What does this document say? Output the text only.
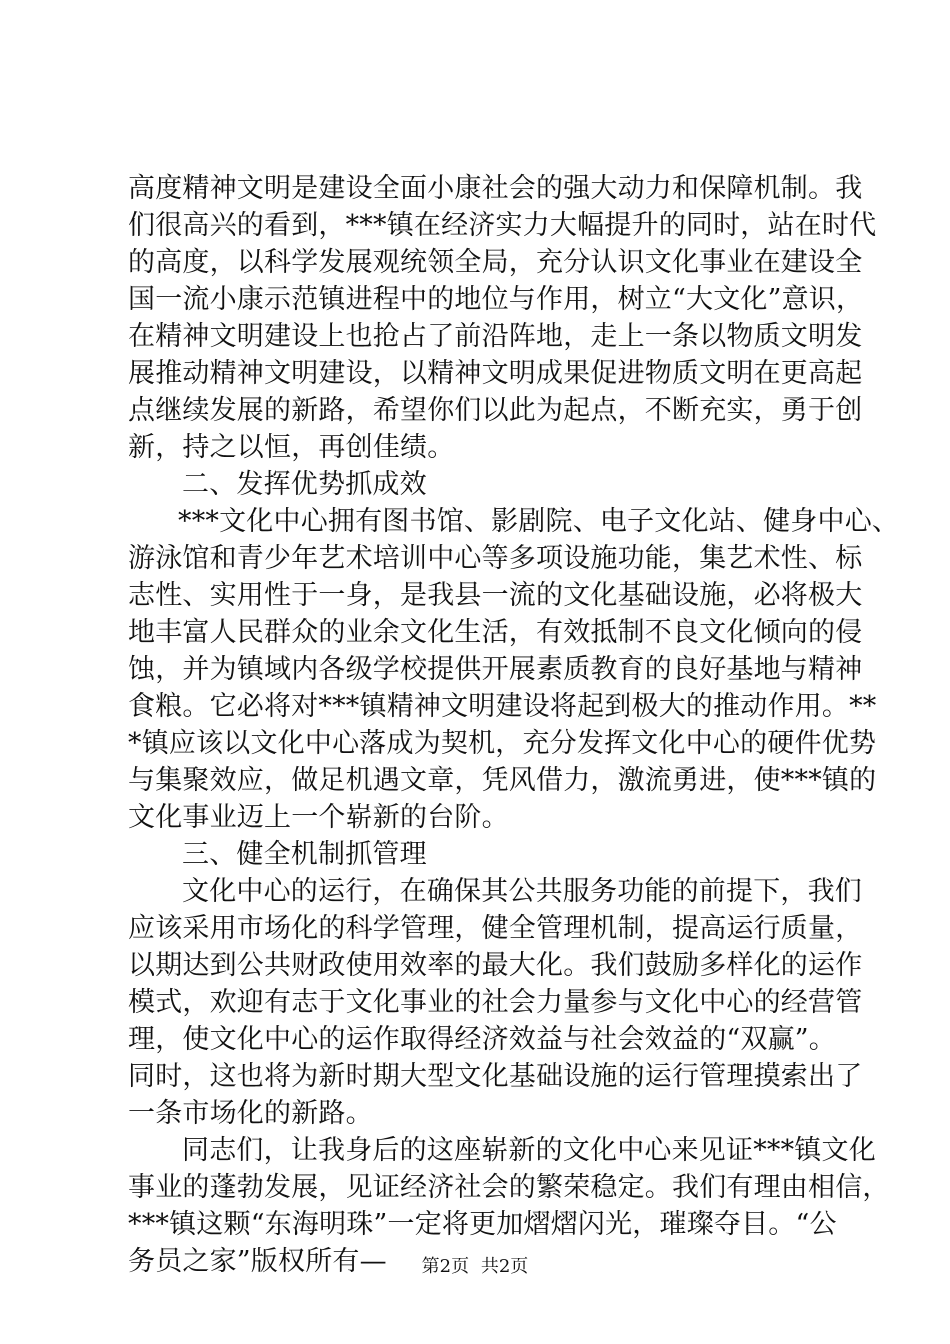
高度精神文明是建设全面小康社会的强大动力和保障机制。我
们很高兴的看到，***镇在经济实力大幅提升的同时，站在时代
的高度，以科学发展观统领全局，充分认识文化事业在建设全
国一流小康示范镇进程中的地位与作用，树立“大文化”意识，
在精神文明建设上也抢占了前沿阵地，走上一条以物质文明发
展推动精神文明建设，以精神文明成果促进物质文明在更高起
点继续发展的新路，希望你们以此为起点，不断充实，勇于创
新，持之以恒，再创佳绩。
二、发挥优势抓成效
***文化中心拥有图书馆、影剧院、电子文化站、健身中心、
游泳馆和青少年艺术培训中心等多项设施功能，集艺术性、标
志性、实用性于一身，是我县一流的文化基础设施，必将极大
地丰富人民群众的业余文化生活，有效抵制不良文化倾向的侵
蚀，并为镇域内各级学校提供开展素质教育的良好基地与精神
食粮。它必将对***镇精神文明建设将起到极大的推动作用。**
*镇应该以文化中心落成为契机，充分发挥文化中心的硬件优势
与集聚效应，做足机遇文章，凭风借力，激流勇进，使***镇的
文化事业迈上一个崭新的台阶。
三、健全机制抓管理
文化中心的运行，在确保其公共服务功能的前提下，我们
应该采用市场化的科学管理，健全管理机制，提高运行质量，
以期达到公共财政使用效率的最大化。我们鼓励多样化的运作
模式，欢迎有志于文化事业的社会力量参与文化中心的经营管
理，使文化中心的运作取得经济效益与社会效益的“双赢”。
同时，这也将为新时期大型文化基础设施的运行管理摸索出了
一条市场化的新路。
同志们，让我身后的这座崭新的文化中心来见证***镇文化
事业的蓬勃发展，见证经济社会的繁荣稳定。我们有理由相信，
***镇这颗“东海明珠”一定将更加熠熠闪光，璀璨夺目。“公
务员之家”版权所有—	第2页 共2页
